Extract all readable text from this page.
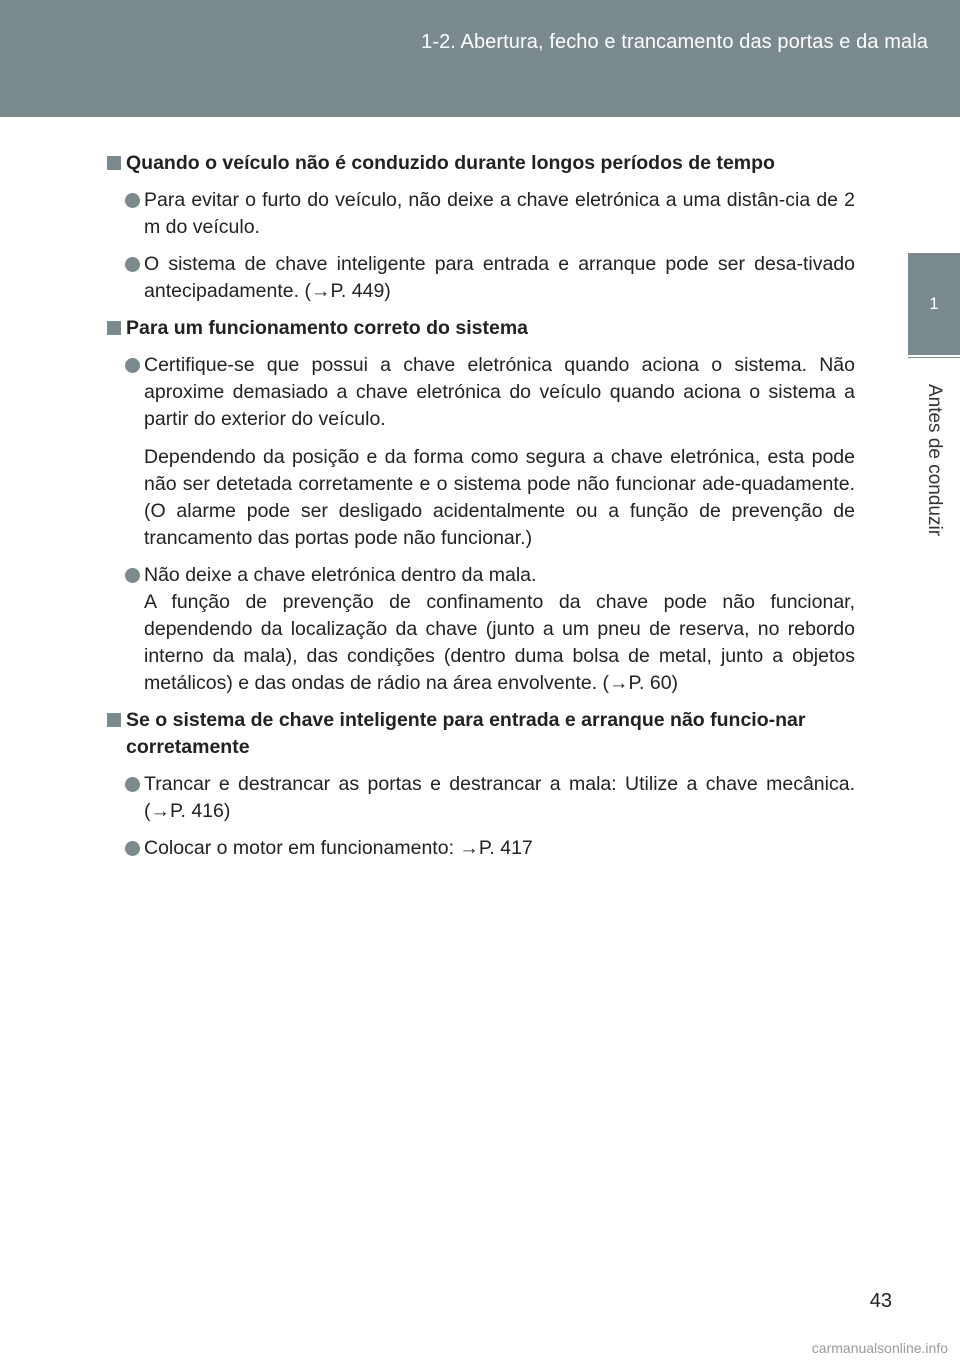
1-2. Abertura, fecho e trancamento das portas e da mala
1
Antes de conduzir
Quando o veículo não é conduzido durante longos períodos de tempo
Para evitar o furto do veículo, não deixe a chave eletrónica a uma distân-cia de 2 m do veículo.
O sistema de chave inteligente para entrada e arranque pode ser desa-tivado antecipadamente. (→P. 449)
Para um funcionamento correto do sistema
Certifique-se que possui a chave eletrónica quando aciona o sistema. Não aproxime demasiado a chave eletrónica do veículo quando aciona o sistema a partir do exterior do veículo.
Dependendo da posição e da forma como segura a chave eletrónica, esta pode não ser detetada corretamente e o sistema pode não funcionar ade-quadamente. (O alarme pode ser desligado acidentalmente ou a função de prevenção de trancamento das portas pode não funcionar.)
Não deixe a chave eletrónica dentro da mala.
A função de prevenção de confinamento da chave pode não funcionar, dependendo da localização da chave (junto a um pneu de reserva, no rebordo interno da mala), das condições (dentro duma bolsa de metal, junto a objetos metálicos) e das ondas de rádio na área envolvente. (→P. 60)
Se o sistema de chave inteligente para entrada e arranque não funcio-nar corretamente
Trancar e destrancar as portas e destrancar a mala: Utilize a chave mecânica. (→P. 416)
Colocar o motor em funcionamento: →P. 417
43
carmanualsonline.info
